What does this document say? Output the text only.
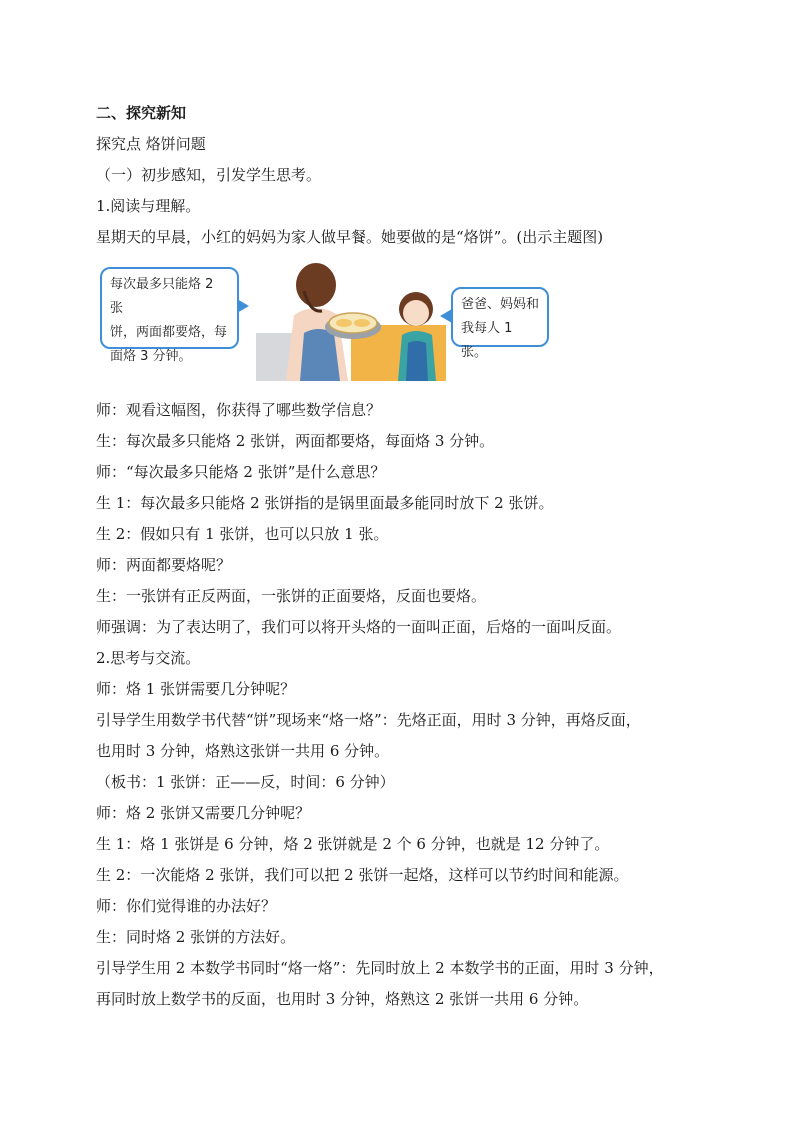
二、探究新知
探究点 烙饼问题
（一）初步感知，引发学生思考。
1.阅读与理解。
星期天的早晨，小红的妈妈为家人做早餐。她要做的是“烙饼”。(出示主题图)
每次最多只能烙 2 张
饼，两面都要烙，每
面烙 3 分钟。
爸爸、妈妈和
我每人 1 张。
师：观看这幅图，你获得了哪些数学信息？
生：每次最多只能烙 2 张饼，两面都要烙，每面烙 3 分钟。
师：“每次最多只能烙 2 张饼”是什么意思？
生 1：每次最多只能烙 2 张饼指的是锅里面最多能同时放下 2 张饼。
生 2：假如只有 1 张饼，也可以只放 1 张。
师：两面都要烙呢？
生：一张饼有正反两面，一张饼的正面要烙，反面也要烙。
师强调：为了表达明了，我们可以将开头烙的一面叫正面，后烙的一面叫反面。
2.思考与交流。
师：烙 1 张饼需要几分钟呢？
引导学生用数学书代替“饼”现场来“烙一烙”：先烙正面，用时 3 分钟，再烙反面，
也用时 3 分钟，烙熟这张饼一共用 6 分钟。
（板书：1 张饼：正——反，时间：6 分钟）
师：烙 2 张饼又需要几分钟呢？
生 1：烙 1 张饼是 6 分钟，烙 2 张饼就是 2 个 6 分钟，也就是 12 分钟了。
生 2：一次能烙 2 张饼，我们可以把 2 张饼一起烙，这样可以节约时间和能源。
师：你们觉得谁的办法好？
生：同时烙 2 张饼的方法好。
引导学生用 2 本数学书同时“烙一烙”：先同时放上 2 本数学书的正面，用时 3 分钟，
再同时放上数学书的反面，也用时 3 分钟，烙熟这 2 张饼一共用 6 分钟。
